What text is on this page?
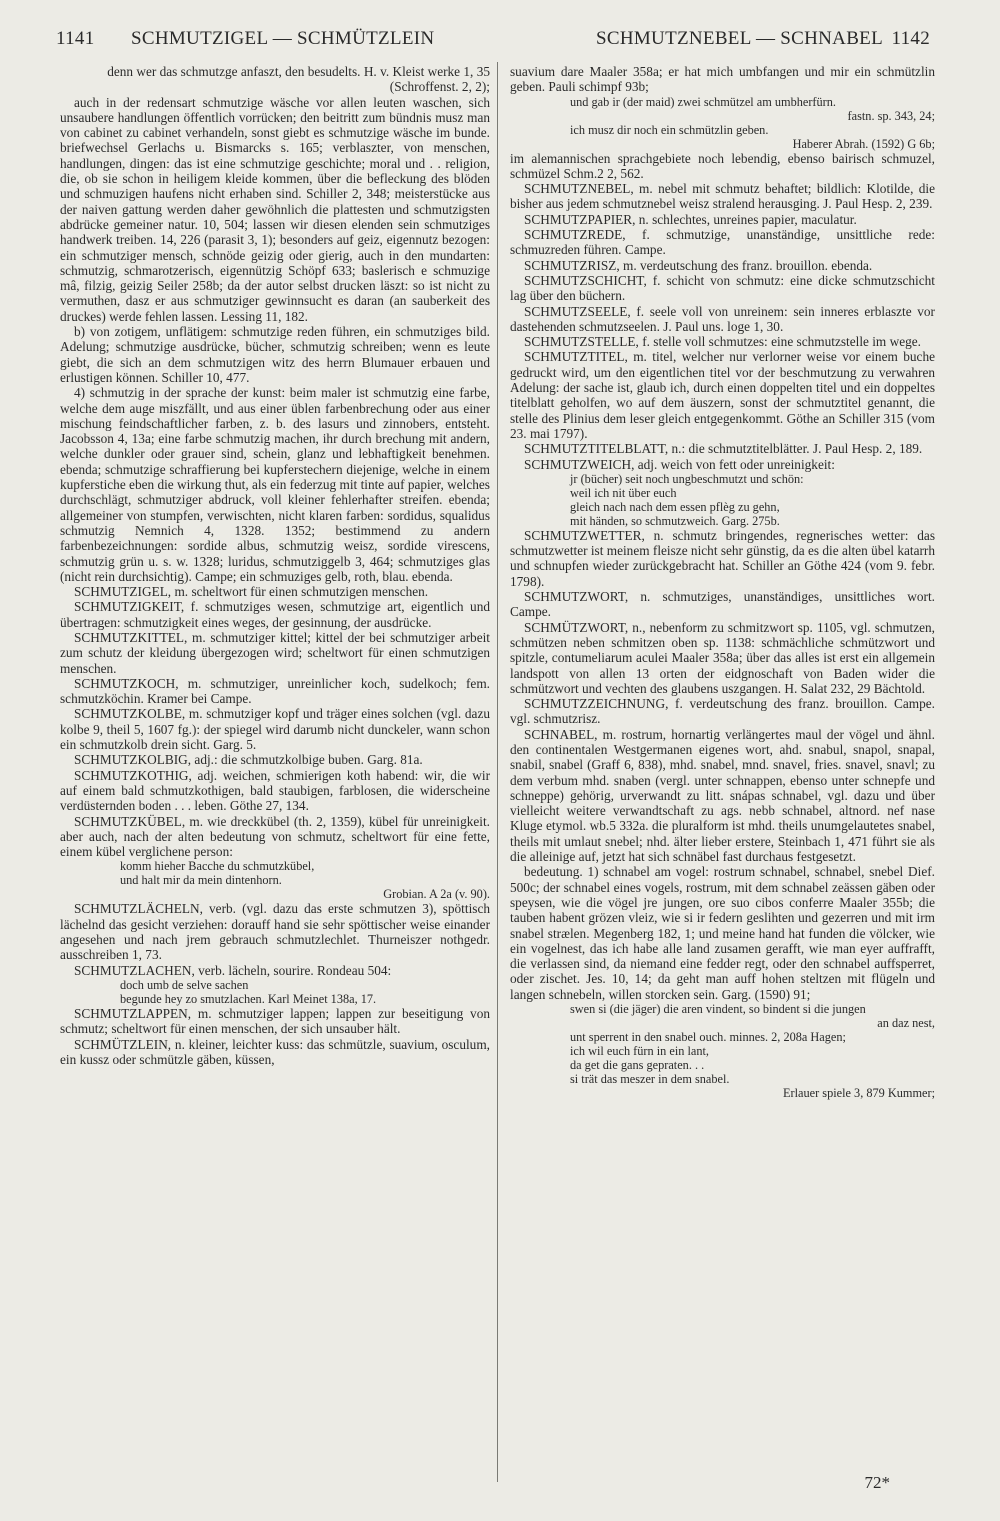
1141 SCHMUTZIGEL — SCHMÜTZLEIN	SCHMUTZNEBEL — SCHNABEL 1142

denn wer das schmutzge anfaszt, den besudelts. H. v. Kleist werke 1, 35 (Schroffenst. 2, 2);

auch in der redensart schmutzige wäsche vor allen leuten waschen, sich unsaubere handlungen öffentlich vorrücken; den beitritt zum bündnis musz man von cabinet zu cabinet verhandeln, sonst giebt es schmutzige wäsche im bunde. briefwechsel Gerlachs u. Bismarcks s. 165; verblaszter, von menschen, handlungen, dingen: das ist eine schmutzige geschichte; moral und . . religion, die, ob sie schon in heiligem kleide kommen, über die befleckung des blöden und schmuzigen haufens nicht erhaben sind. Schiller 2, 348; meisterstücke aus der naiven gattung werden daher gewöhnlich die plattesten und schmutzigsten abdrücke gemeiner natur. 10, 504; lassen wir diesen elenden sein schmutziges handwerk treiben. 14, 226 (parasit 3, 1); besonders auf geiz, eigennutz bezogen: ein schmutziger mensch, schnöde geizig oder gierig, auch in den mundarten: schmutzig, schmarotzerisch, eigennützig Schöpf 633; baslerisch e schmuzige mâ, filzig, geizig Seiler 258b; da der autor selbst drucken läszt: so ist nicht zu vermuthen, dasz er aus schmutziger gewinnsucht es daran (an sauberkeit des druckes) werde fehlen lassen. Lessing 11, 182.

b) von zotigem, unflätigem: schmutzige reden führen, ein schmutziges bild. Adelung; schmutzige ausdrücke, bücher, schmutzig schreiben; wenn es leute giebt, die sich an dem schmutzigen witz des herrn Blumauer erbauen und erlustigen können. Schiller 10, 477.

4) schmutzig in der sprache der kunst: beim maler ist schmutzig eine farbe, welche dem auge miszfällt, und aus einer üblen farbenbrechung oder aus einer mischung feindschaftlicher farben, z. b. des lasurs und zinnobers, entsteht. Jacobsson 4, 13a; eine farbe schmutzig machen, ihr durch brechung mit andern, welche dunkler oder grauer sind, schein, glanz und lebhaftigkeit benehmen. ebenda; schmutzige schraffierung bei kupferstechern diejenige, welche in einem kupferstiche eben die wirkung thut, als ein federzug mit tinte auf papier, welches durchschlägt, schmutziger abdruck, voll kleiner fehlerhafter streifen. ebenda; allgemeiner von stumpfen, verwischten, nicht klaren farben: sordidus, squalidus schmutzig Nemnich 4, 1328. 1352; bestimmend zu andern farbenbezeichnungen: sordide albus, schmutzig weisz, sordide virescens, schmutzig grün u. s. w. 1328; luridus, schmutziggelb 3, 464; schmutziges glas (nicht rein durchsichtig). Campe; ein schmuziges gelb, roth, blau. ebenda.

SCHMUTZIGEL, m. scheltwort für einen schmutzigen menschen.

SCHMUTZIGKEIT, f. schmutziges wesen, schmutzige art, eigentlich und übertragen: schmutzigkeit eines weges, der gesinnung, der ausdrücke.

SCHMUTZKITTEL, m. schmutziger kittel; kittel der bei schmutziger arbeit zum schutz der kleidung übergezogen wird; scheltwort für einen schmutzigen menschen.

SCHMUTZKOCH, m. schmutziger, unreinlicher koch, sudelkoch; fem. schmutzköchin. Kramer bei Campe.

SCHMUTZKOLBE, m. schmutziger kopf und träger eines solchen (vgl. dazu kolbe 9, theil 5, 1607 fg.): der spiegel wird darumb nicht dunckeler, wann schon ein schmutzkolb drein sicht. Garg. 5.

SCHMUTZKOLBIG, adj.: die schmutzkolbige buben. Garg. 81a.

SCHMUTZKOTHIG, adj. weichen, schmierigen koth habend: wir, die wir auf einem bald schmutzkothigen, bald staubigen, farblosen, die widerscheine verdüsternden boden . . . leben. Göthe 27, 134.

SCHMUTZKÜBEL, m. wie dreckkübel (th. 2, 1359), kübel für unreinigkeit. aber auch, nach der alten bedeutung von schmutz, scheltwort für eine fette, einem kübel verglichene person:

komm hieher Bacche du schmutzkübel,

und halt mir da mein dintenhorn.

Grobian. A 2a (v. 90).

SCHMUTZLÄCHELN, verb. (vgl. dazu das erste schmutzen 3), spöttisch lächelnd das gesicht verziehen: dorauff hand sie sehr spöttischer weise einander angesehen und nach jrem gebrauch schmutzlechlet. Thurneiszer nothgedr. ausschreiben 1, 73.

SCHMUTZLACHEN, verb. lächeln, sourire. Rondeau 504:

doch umb de selve sachen

begunde hey zo smutzlachen. Karl Meinet 138a, 17.

SCHMUTZLAPPEN, m. schmutziger lappen; lappen zur beseitigung von schmutz; scheltwort für einen menschen, der sich unsauber hält.

SCHMÜTZLEIN, n. kleiner, leichter kuss: das schmützle, suavium, osculum, ein kussz oder schmützle gäben, küssen,

suavium dare Maaler 358a; er hat mich umbfangen und mir ein schmützlin geben. Pauli schimpf 93b;

und gab ir (der maid) zwei schmützel am umbherfürn.

fastn. sp. 343, 24;

ich musz dir noch ein schmützlin geben.

Haberer Abrah. (1592) G 6b;

im alemannischen sprachgebiete noch lebendig, ebenso bairisch schmuzel, schmüzel Schm.2 2, 562.

SCHMUTZNEBEL, m. nebel mit schmutz behaftet; bildlich: Klotilde, die bisher aus jedem schmutznebel weisz stralend herausging. J. Paul Hesp. 2, 239.

SCHMUTZPAPIER, n. schlechtes, unreines papier, maculatur.

SCHMUTZREDE, f. schmutzige, unanständige, unsittliche rede: schmuzreden führen. Campe.

SCHMUTZRISZ, m. verdeutschung des franz. brouillon. ebenda.

SCHMUTZSCHICHT, f. schicht von schmutz: eine dicke schmutzschicht lag über den büchern.

SCHMUTZSEELE, f. seele voll von unreinem: sein inneres erblaszte vor dastehenden schmutzseelen. J. Paul uns. loge 1, 30.

SCHMUTZSTELLE, f. stelle voll schmutzes: eine schmutzstelle im wege.

SCHMUTZTITEL, m. titel, welcher nur verlorner weise vor einem buche gedruckt wird, um den eigentlichen titel vor der beschmutzung zu verwahren Adelung: der sache ist, glaub ich, durch einen doppelten titel und ein doppeltes titelblatt geholfen, wo auf dem äuszern, sonst der schmutztitel genannt, die stelle des Plinius dem leser gleich entgegenkommt. Göthe an Schiller 315 (vom 23. mai 1797).

SCHMUTZTITELBLATT, n.: die schmutztitelblätter. J. Paul Hesp. 2, 189.

SCHMUTZWEICH, adj. weich von fett oder unreinigkeit:

jr (bücher) seit noch ungbeschmutzt und schön:

weil ich nit über euch

gleich nach nach dem essen pflèg zu gehn,

mit händen, so schmutzweich. Garg. 275b.

SCHMUTZWETTER, n. schmutz bringendes, regnerisches wetter: das schmutzwetter ist meinem fleisze nicht sehr günstig, da es die alten übel katarrh und schnupfen wieder zurückgebracht hat. Schiller an Göthe 424 (vom 9. febr. 1798).

SCHMUTZWORT, n. schmutziges, unanständiges, unsittliches wort. Campe.

SCHMÜTZWORT, n., nebenform zu schmitzwort sp. 1105, vgl. schmutzen, schmützen neben schmitzen oben sp. 1138: schmächliche schmützwort und spitzle, contumeliarum aculei Maaler 358a; über das alles ist erst ein allgemein landspott von allen 13 orten der eidgnoschaft von Baden wider die schmützwort und vechten des glaubens uszgangen. H. Salat 232, 29 Bächtold.

SCHMUTZZEICHNUNG, f. verdeutschung des franz. brouillon. Campe. vgl. schmutzrisz.

SCHNABEL, m. rostrum, hornartig verlängertes maul der vögel und ähnl. den continentalen Westgermanen eigenes wort, ahd. snabul, snapol, snapal, snabil, snabel (Graff 6, 838), mhd. snabel, mnd. snavel, fries. snavel, snavl; zu dem verbum mhd. snaben (vergl. unter schnappen, ebenso unter schnepfe und schneppe) gehörig, urverwandt zu litt. snápas schnabel, vgl. dazu und über vielleicht weitere verwandtschaft zu ags. nebb schnabel, altnord. nef nase Kluge etymol. wb.5 332a. die pluralform ist mhd. theils unumgelautetes snabel, theils mit umlaut snebel; nhd. älter lieber erstere, Steinbach 1, 471 führt sie als die alleinige auf, jetzt hat sich schnäbel fast durchaus festgesetzt.

bedeutung. 1) schnabel am vogel: rostrum schnabel, schnabel, snebel Dief. 500c; der schnabel eines vogels, rostrum, mit dem schnabel zeässen gäben oder speysen, wie die vögel jre jungen, ore suo cibos conferre Maaler 355b; die tauben habent grözen vleiz, wie si ir federn geslihten und gezerren und mit irm snabel strælen. Megenberg 182, 1; und meine hand hat funden die völcker, wie ein vogelnest, das ich habe alle land zusamen gerafft, wie man eyer auffrafft, die verlassen sind, da niemand eine fedder regt, oder den schnabel auffsperret, oder zischet. Jes. 10, 14; da geht man auff hohen steltzen mit flügeln und langen schnebeln, willen storcken sein. Garg. (1590) 91;

swen si (die jäger) die aren vindent, so bindent si die jungen

an daz nest,

unt sperrent in den snabel ouch. minnes. 2, 208a Hagen;

ich wil euch fürn in ein lant,

da get die gans gepraten. . .

si trät das meszer in dem snabel.

Erlauer spiele 3, 879 Kummer;

72*
